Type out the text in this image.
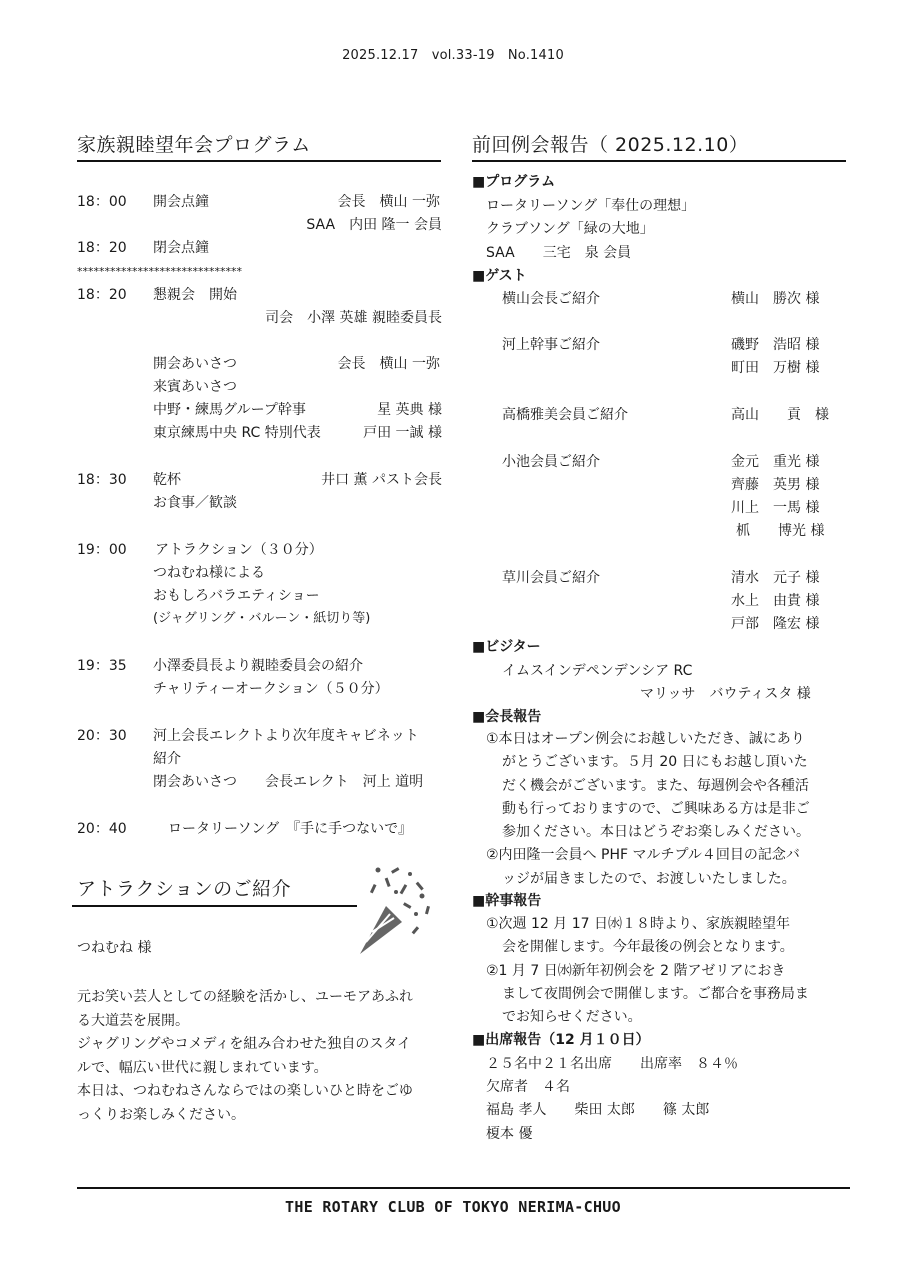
2025.12.17　vol.33-19　No.1410
家族親睦望年会プログラム
18：00 開会点鐘	会長　横山 一弥
SAA　内田 隆一 会員
18：20 閉会点鐘
******************************
18：20 懇親会　開始
司会　小澤 英雄 親睦委員長
開会あいさつ	会長　横山 一弥
来賓あいさつ
中野・練馬グループ幹事	星 英典 様
東京練馬中央 RC 特別代表	戸田 一誠 様
18：30 乾杯	井口 薫 パスト会長
お食事／歓談
19：00 アトラクション（３０分）
つねむね様による
おもしろバラエティショー
(ジャグリング・バルーン・紙切り等)
19：35 小澤委員長より親睦委員会の紹介
チャリティーオークション（５０分）
20：30 河上会長エレクトより次年度キャビネット
紹介
閉会あいさつ　　会長エレクト　河上 道明
20：40	ロータリーソング　『手に手つないで』
アトラクションのご紹介
つねむね 様
元お笑い芸人としての経験を活かし、ユーモアあふれ
る大道芸を展開。
ジャグリングやコメディを組み合わせた独自のスタイ
ルで、幅広い世代に親しまれています。
本日は、つねむねさんならではの楽しいひと時をごゆ
っくりお楽しみください。
前回例会報告（ 2025.12.10）
■プログラム
ロータリーソング「奉仕の理想」
クラブソング「緑の大地」
SAA　　三宅　泉 会員
■ゲスト
横山会長ご紹介	横山　勝次 様
河上幹事ご紹介	磯野　浩昭 様
町田　万樹 様
高橋雅美会員ご紹介	高山　　貢　様
小池会員ご紹介	金元　重光 様
齊藤　英男 様
川上　一馬 様
枛　　博光 様
草川会員ご紹介	清水　元子 様
水上　由貴 様
戸部　隆宏 様
■ビジター
イムスインデペンデンシア RC
マリッサ　バウティスタ 様
■会長報告
①本日はオープン例会にお越しいただき、誠にあり
がとうございます。５月 20 日にもお越し頂いた
だく機会がございます。また、毎週例会や各種活
動も行っておりますので、ご興味ある方は是非ご
参加ください。本日はどうぞお楽しみください。
②内田隆一会員へ PHF マルチプル４回目の記念バ
ッジが届きましたので、お渡しいたしました。
■幹事報告
①次週 12 月 17 日㈬１８時より、家族親睦望年
会を開催します。今年最後の例会となります。
②1 月 7 日㈬新年初例会を 2 階アゼリアにおき
まして夜間例会で開催します。ご都合を事務局ま
でお知らせください。
■出席報告（12 月１０日）
２５名中２１名出席　　出席率　８４％
欠席者　４名
福島 孝人　　柴田 太郎　　篠 太郎
榎本 優
THE ROTARY CLUB OF TOKYO NERIMA-CHUO
